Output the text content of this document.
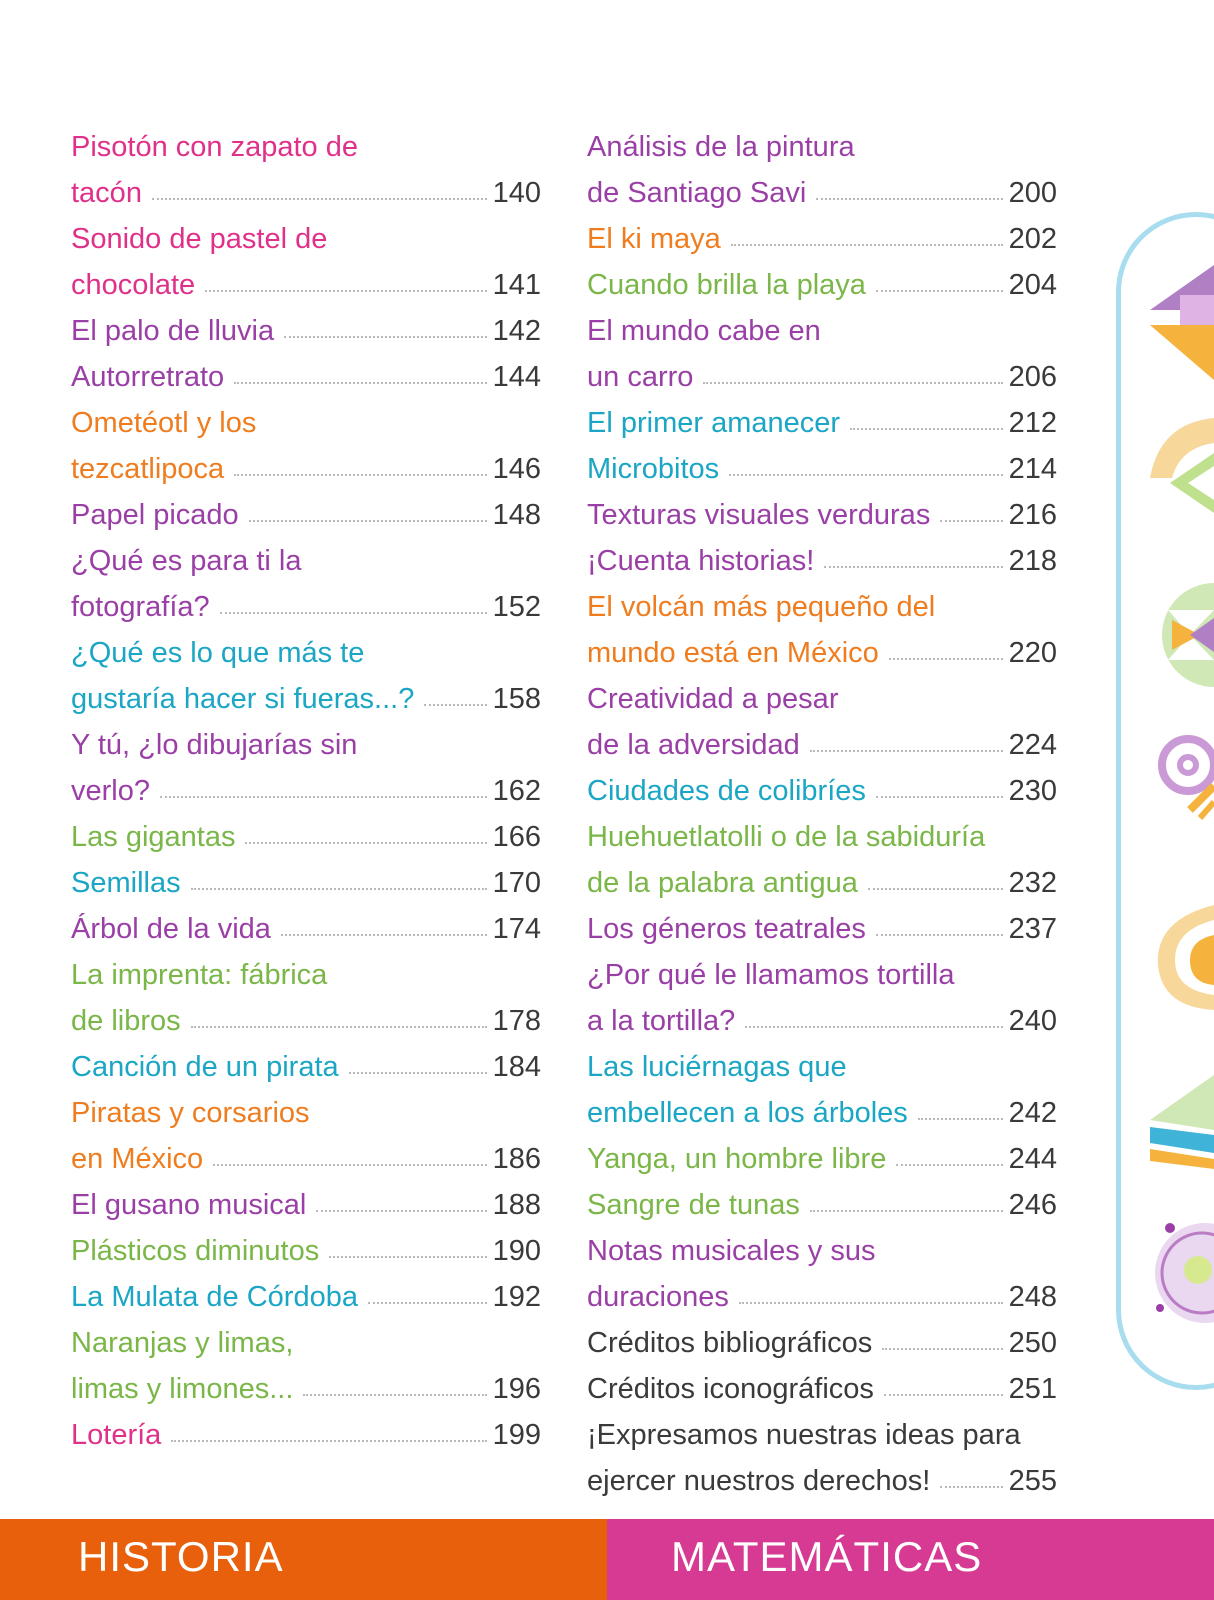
Pisotón con zapato de
tacón	140
Sonido de pastel de
chocolate	141
El palo de lluvia	142
Autorretrato	144
Ometéotl y los
tezcatlipoca	146
Papel picado	148
¿Qué es para ti la
fotografía?	152
¿Qué es lo que más te
gustaría hacer si fueras...?	158
Y tú, ¿lo dibujarías sin
verlo?	162
Las gigantas	166
Semillas	170
Árbol de la vida	174
La imprenta: fábrica
de libros	178
Canción de un pirata	184
Piratas y corsarios
en México	186
El gusano musical	188
Plásticos diminutos	190
La Mulata de Córdoba	192
Naranjas y limas,
limas y limones...	196
Lotería	199
Análisis de la pintura
de Santiago Savi	200
El ki maya	202
Cuando brilla la playa	204
El mundo cabe en
un carro	206
El primer amanecer	212
Microbitos	214
Texturas visuales verduras	216
¡Cuenta historias!	218
El volcán más pequeño del
mundo está en México	220
Creatividad a pesar
de la adversidad	224
Ciudades de colibríes	230
Huehuetlatolli o de la sabiduría
de la palabra antigua	232
Los géneros teatrales	237
¿Por qué le llamamos tortilla
a la tortilla?	240
Las luciérnagas que
embellecen a los árboles	242
Yanga, un hombre libre	244
Sangre de tunas	246
Notas musicales y sus
duraciones	248
Créditos bibliográficos	250
Créditos iconográficos	251
¡Expresamos nuestras ideas para
ejercer nuestros derechos!	255
HISTORIA	MATEMÁTICAS
